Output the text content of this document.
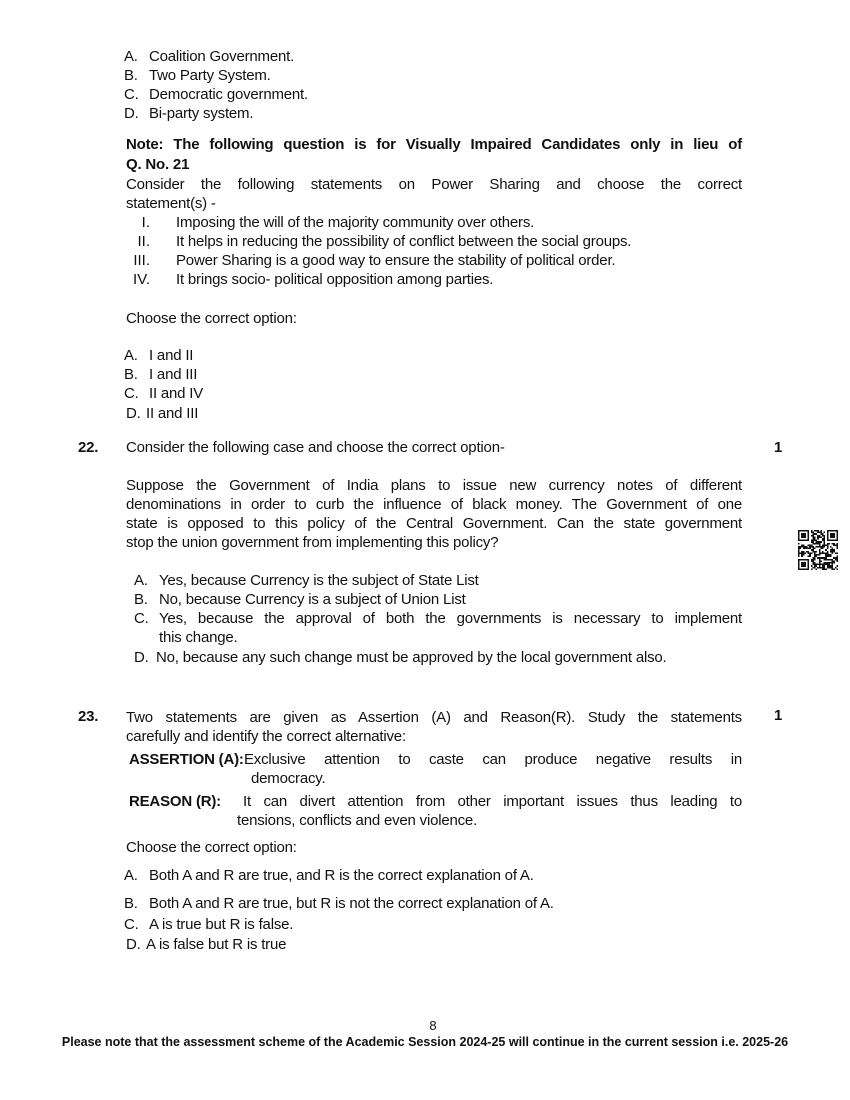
A. Coalition Government.
B. Two Party System.
C. Democratic government.
D. Bi-party system.
Note: The following question is for Visually Impaired Candidates only in lieu of
Q. No. 21
Consider the following statements on Power Sharing and choose the correct
statement(s) -
I. Imposing the will of the majority community over others.
II. It helps in reducing the possibility of conflict between the social groups.
III. Power Sharing is a good way to ensure the stability of political order.
IV. It brings socio- political opposition among parties.
Choose the correct option:
A. I and II
B. I and III
C. II and IV
D. II and III
22. Consider the following case and choose the correct option-	1
Suppose the Government of India plans to issue new currency notes of different
denominations in order to curb the influence of black money. The Government of one
state is opposed to this policy of the Central Government. Can the state government
stop the union government from implementing this policy?
A. Yes, because Currency is the subject of State List
B. No, because Currency is a subject of Union List
C. Yes, because the approval of both the governments is necessary to implement
this change.
D. No, because any such change must be approved by the local government also.
23. Two statements are given as Assertion (A) and Reason(R). Study the statements 1
carefully and identify the correct alternative:
ASSERTION (A): Exclusive attention to caste can produce negative results in
democracy.
REASON (R): It can divert attention from other important issues thus leading to
tensions, conflicts and even violence.
Choose the correct option:
A. Both A and R are true, and R is the correct explanation of A.
B. Both A and R are true, but R is not the correct explanation of A.
C. A is true but R is false.
D. A is false but R is true
8
Please note that the assessment scheme of the Academic Session 2024-25 will continue in the current session i.e. 2025-26
